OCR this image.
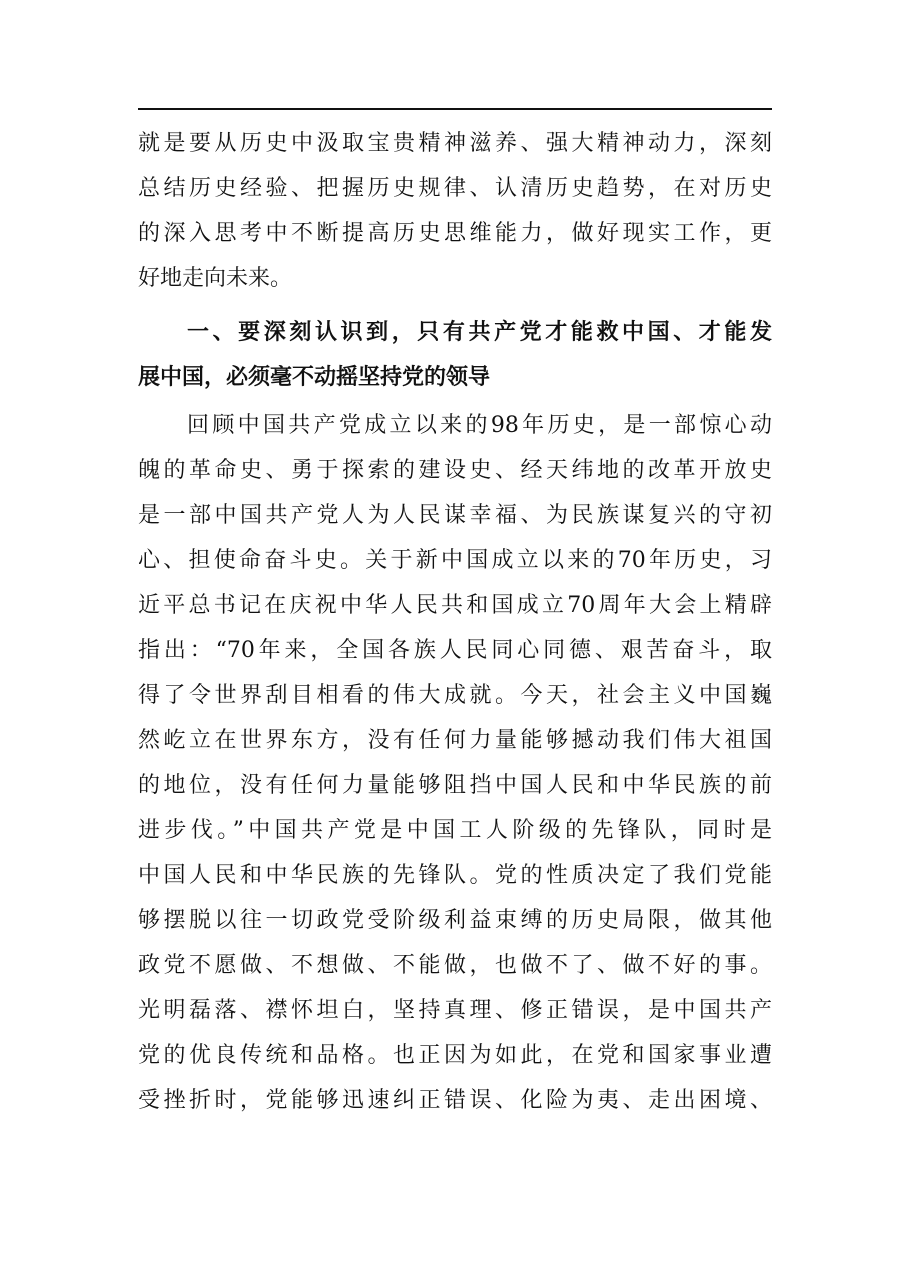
就是要从历史中汲取宝贵精神滋养、强大精神动力，深刻
总结历史经验、把握历史规律、认清历史趋势，在对历史
的深入思考中不断提高历史思维能力，做好现实工作，更
好地走向未来。
一、要深刻认识到，只有共产党才能救中国、才能发
展中国，必须毫不动摇坚持党的领导
回顾中国共产党成立以来的98年历史，是一部惊心动
魄的革命史、勇于探索的建设史、经天纬地的改革开放史
是一部中国共产党人为人民谋幸福、为民族谋复兴的守初
心、担使命奋斗史。关于新中国成立以来的70年历史，习
近平总书记在庆祝中华人民共和国成立70周年大会上精辟
指出：“70年来，全国各族人民同心同德、艰苦奋斗，取
得了令世界刮目相看的伟大成就。今天，社会主义中国巍
然屹立在世界东方，没有任何力量能够撼动我们伟大祖国
的地位，没有任何力量能够阻挡中国人民和中华民族的前
进步伐。”中国共产党是中国工人阶级的先锋队，同时是
中国人民和中华民族的先锋队。党的性质决定了我们党能
够摆脱以往一切政党受阶级利益束缚的历史局限，做其他
政党不愿做、不想做、不能做，也做不了、做不好的事。
光明磊落、襟怀坦白，坚持真理、修正错误，是中国共产
党的优良传统和品格。也正因为如此，在党和国家事业遭
受挫折时，党能够迅速纠正错误、化险为夷、走出困境、
